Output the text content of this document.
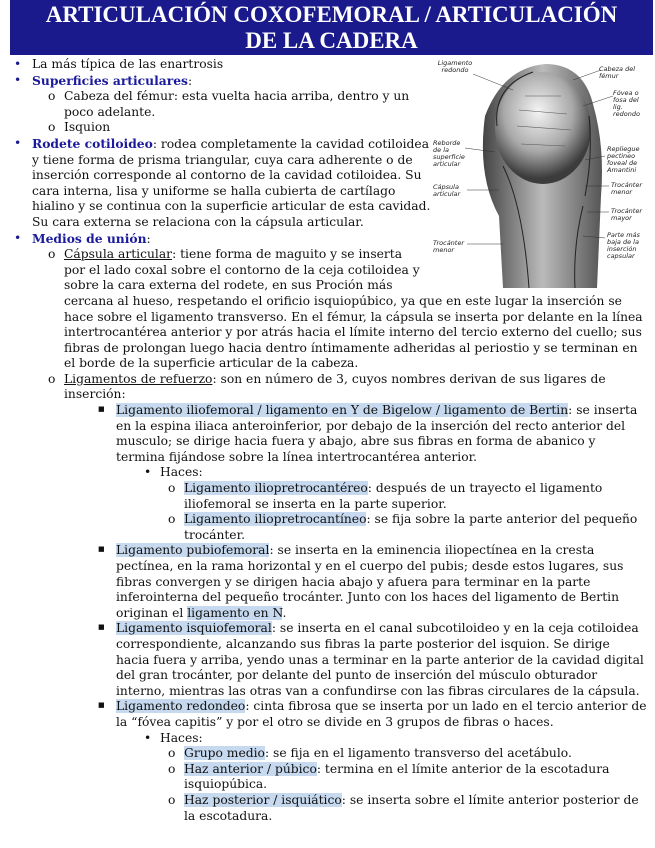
ARTICULACIÓN COXOFEMORAL / ARTICULACIÓN
DE LA CADERA
Ligamento redondo	Cabeza del fémur
Fóvea o fosa del lig. redondo
Reborde de la superficie articular
Repliegue pectineo foveal de Amantini
Cápsula articular
Trocánter menor
Trocánter mayor
Trocánter menor
Parte más baja de la inserción capsular
• La más típica de las enartrosis
• Superficies articulares:
o Cabeza del fémur: esta vuelta hacia arriba, dentro y un poco adelante.
o Isquion
• Rodete cotiloideo: rodea completamente la cavidad cotiloidea y tiene forma de prisma triangular, cuya cara adherente o de inserción corresponde al contorno de la cavidad cotiloidea. Su cara interna, lisa y uniforme se halla cubierta de cartílago hialino y se continua con la superficie articular de esta cavidad. Su cara externa se relaciona con la cápsula articular.
• Medios de unión:
o Cápsula articular: tiene forma de maguito y se inserta por el lado coxal sobre el contorno de la ceja cotiloidea y sobre la cara externa del rodete, en sus Proción más
cercana al hueso, respetando el orificio isquiopúbico, ya que en este lugar la inserción se hace sobre el ligamento transverso. En el fémur, la cápsula se inserta por delante en la línea intertrocantérea anterior y por atrás hacia el límite interno del tercio externo del cuello; sus fibras de prolongan luego hacia dentro íntimamente adheridas al periostio y se terminan en el borde de la superficie articular de la cabeza.
o Ligamentos de refuerzo: son en número de 3, cuyos nombres derivan de sus ligares de inserción:
■ Ligamento iliofemoral / ligamento en Y de Bigelow / ligamento de Bertin: se inserta en la espina iliaca anteroinferior, por debajo de la inserción del recto anterior del musculo; se dirige hacia fuera y abajo, abre sus fibras en forma de abanico y termina fijándose sobre la línea intertrocantérea anterior.
• Haces:
o Ligamento iliopretrocantéreo: después de un trayecto el ligamento iliofemoral se inserta en la parte superior.
o Ligamento iliopretrocantíneo: se fija sobre la parte anterior del pequeño trocánter.
■ Ligamento pubiofemoral: se inserta en la eminencia iliopectínea en la cresta pectínea, en la rama horizontal y en el cuerpo del pubis; desde estos lugares, sus fibras convergen y se dirigen hacia abajo y afuera para terminar en la parte inferointerna del pequeño trocánter. Junto con los haces del ligamento de Bertin originan el ligamento en N.
■ Ligamento isquiofemoral: se inserta en el canal subcotiloideo y en la ceja cotiloidea correspondiente, alcanzando sus fibras la parte posterior del isquion. Se dirige hacia fuera y arriba, yendo unas a terminar en la parte anterior de la cavidad digital del gran trocánter, por delante del punto de inserción del músculo obturador interno, mientras las otras van a confundirse con las fibras circulares de la cápsula.
■ Ligamento redondeo: cinta fibrosa que se inserta por un lado en el tercio anterior de la “fóvea capitis” y por el otro se divide en 3 grupos de fibras o haces.
• Haces:
o Grupo medio: se fija en el ligamento transverso del acetábulo.
o Haz anterior / púbico: termina en el límite anterior de la escotadura isquiopúbica.
o Haz posterior / isquiático: se inserta sobre el límite anterior posterior de la escotadura.
